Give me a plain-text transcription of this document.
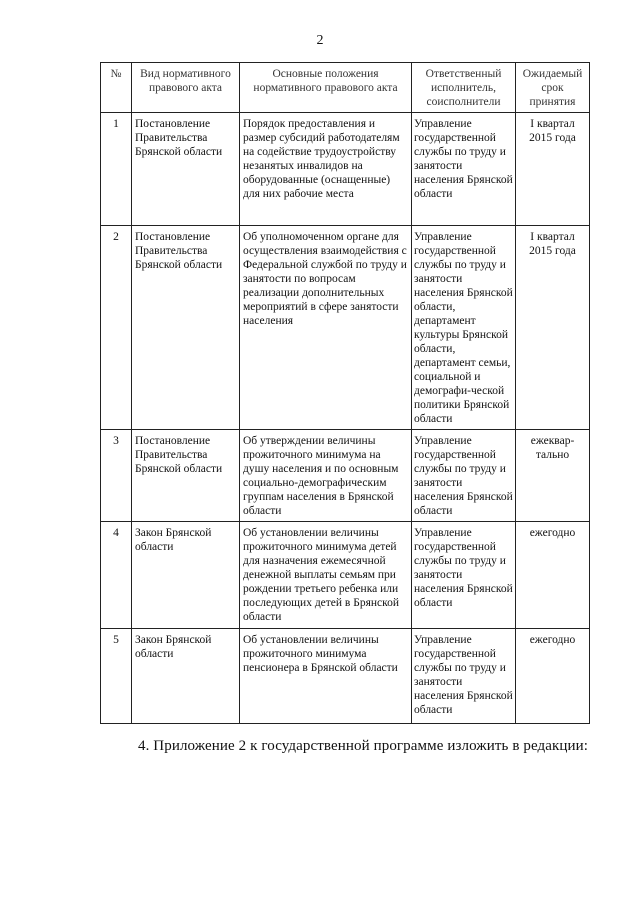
2
№	Вид нормативного правового акта	Основные положения нормативного правового акта	Ответственный исполнитель, соисполнители	Ожидаемый срок принятия
1	Постановление Правительства Брянской области	Порядок предоставления и размер субсидий работодателям на содействие трудоустройству незанятых инвалидов на оборудованные (оснащенные) для них рабочие места	Управление государственной службы по труду и занятости населения Брянской области	I квартал 2015 года
2	Постановление Правительства Брянской области	Об уполномоченном органе для осуществления взаимодействия с Федеральной службой по труду и занятости по вопросам реализации дополнительных мероприятий в сфере занятости населения	Управление государственной службы по труду и занятости населения Брянской области, департамент культуры Брянской области, департамент семьи, социальной и демографи-ческой политики Брянской области	I квартал 2015 года
3	Постановление Правительства Брянской области	Об утверждении величины прожиточного минимума на душу населения и по основным социально-демографическим группам населения в Брянской области	Управление государственной службы по труду и занятости населения Брянской области	ежеквар-тально
4	Закон Брянской области	Об установлении величины прожиточного минимума детей для назначения ежемесячной денежной выплаты семьям при рождении третьего ребенка или последующих детей в Брянской области	Управление государственной службы по труду и занятости населения Брянской области	ежегодно
5	Закон Брянской области	Об установлении величины прожиточного минимума пенсионера в Брянской области	Управление государственной службы по труду и занятости населения Брянской области	ежегодно
4. Приложение 2 к государственной программе изложить в редакции:
